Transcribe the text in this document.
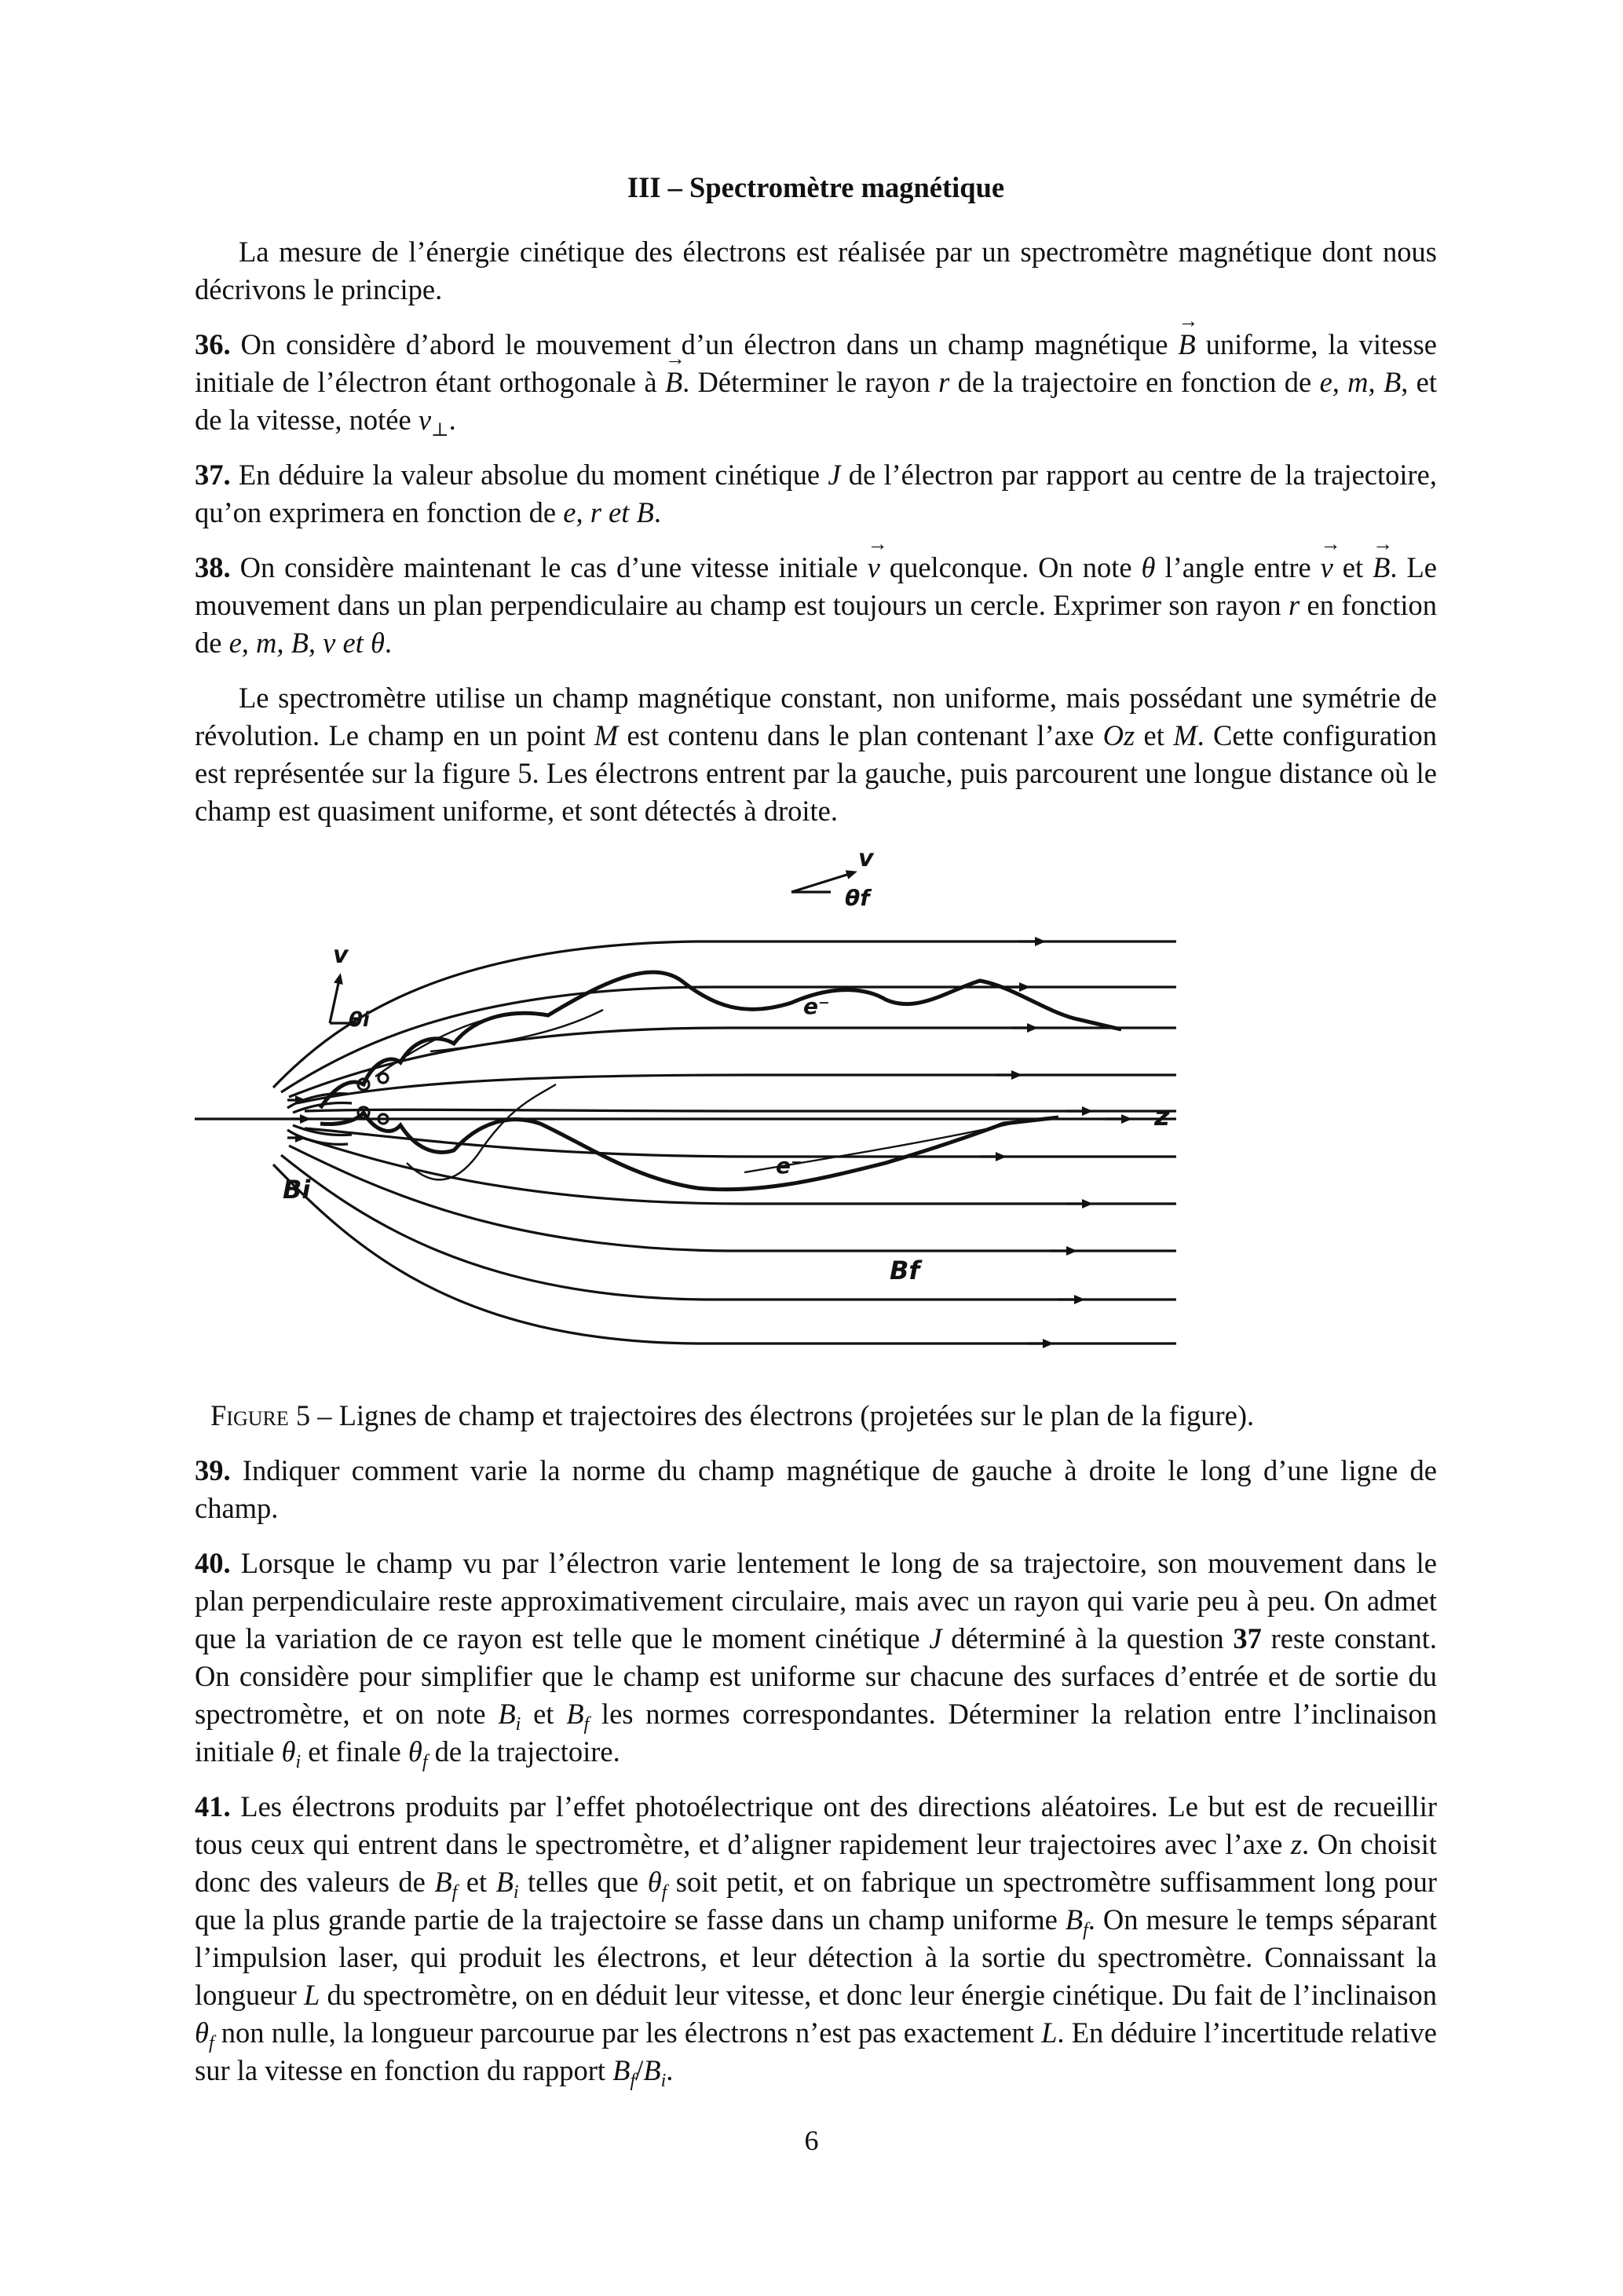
III – Spectromètre magnétique

La mesure de l’énergie cinétique des électrons est réalisée par un spectromètre magnétique dont nous décrivons le principe.

36. On considère d’abord le mouvement d’un électron dans un champ magnétique → B uniforme, la vitesse initiale de l’électron étant orthogonale à → B. Déterminer le rayon r de la trajectoire en fonction de e, m, B, et de la vitesse, notée $v_\perp$.

37. En déduire la valeur absolue du moment cinétique J de l’électron par rapport au centre de la trajectoire, qu’on exprimera en fonction de e, r et B.

38. On considère maintenant le cas d’une vitesse initiale → v quelconque. On note θ l’angle entre → v et → B. Le mouvement dans un plan perpendiculaire au champ est toujours un cercle. Exprimer son rayon r en fonction de e, m, B, v et θ.

Le spectromètre utilise un champ magnétique constant, non uniforme, mais possédant une symétrie de révolution. Le champ en un point M est contenu dans le plan contenant l’axe Oz et M. Cette configuration est représentée sur la figure 5. Les électrons entrent par la gauche, puis parcourent une longue distance où le champ est quasiment uniforme, et sont détectés à droite.

v
θf
v
θi
e⁻
e⁻
z
Bi
Bf
Figure 5 – Lignes de champ et trajectoires des électrons (projetées sur le plan de la figure).

39. Indiquer comment varie la norme du champ magnétique de gauche à droite le long d’une ligne de champ.

40. Lorsque le champ vu par l’électron varie lentement le long de sa trajectoire, son mouvement dans le plan perpendiculaire reste approximativement circulaire, mais avec un rayon qui varie peu à peu. On admet que la variation de ce rayon est telle que le moment cinétique J déterminé à la question 37 reste constant. On considère pour simplifier que le champ est uniforme sur chacune des surfaces d’entrée et de sortie du spectromètre, et on note $B_i$ et $B_f$ les normes correspondantes. Déterminer la relation entre l’inclinaison initiale $\theta_i$ et finale $\theta_f$ de la trajectoire.

41. Les électrons produits par l’effet photoélectrique ont des directions aléatoires. Le but est de recueillir tous ceux qui entrent dans le spectromètre, et d’aligner rapidement leur trajectoires avec l’axe z. On choisit donc des valeurs de $B_f$ et $B_i$ telles que $\theta_f$ soit petit, et on fabrique un spectromètre suffisamment long pour que la plus grande partie de la trajectoire se fasse dans un champ uniforme $B_f$. On mesure le temps séparant l’impulsion laser, qui produit les électrons, et leur détection à la sortie du spectromètre. Connaissant la longueur L du spectromètre, on en déduit leur vitesse, et donc leur énergie cinétique. Du fait de l’inclinaison $\theta_f$ non nulle, la longueur parcourue par les électrons n’est pas exactement L. En déduire l’incertitude relative sur la vitesse en fonction du rapport $B_f/B_i$.

6
